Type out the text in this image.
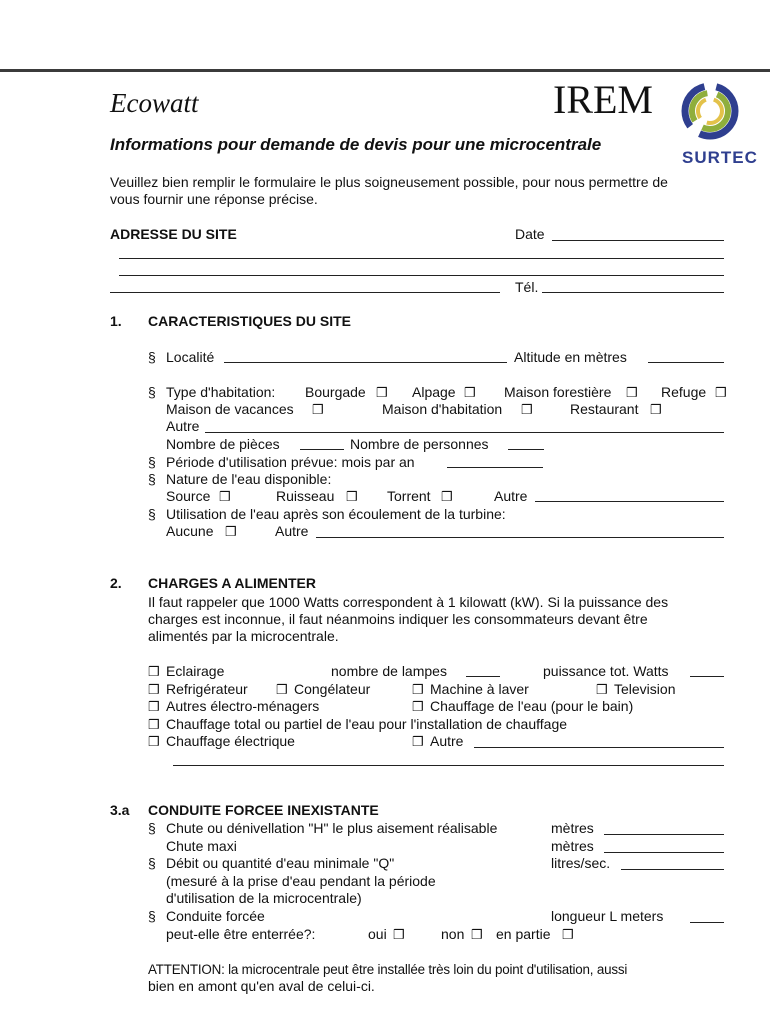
Ecowatt	IREM
SURTEC
Informations pour demande de devis pour une microcentrale
Veuillez bien remplir le formulaire le plus soigneusement possible, pour nous permettre de
vous fournir une réponse précise.
ADRESSE DU SITE	Date
Tél.
1. CARACTERISTIQUES DU SITE
§ Localité	Altitude en mètres
§ Type d'habitation: Bourgade ❒ Alpage ❒ Maison forestière ❒ Refuge ❒
Maison de vacances ❒	Maison d'habitation ❒	Restaurant ❒
Autre
Nombre de pièces	Nombre de personnes
§ Période d'utilisation prévue: mois par an
§ Nature de l'eau disponible:
Source ❒	Ruisseau ❒ Torrent ❒	Autre
§ Utilisation de l'eau après son écoulement de la turbine:
Aucune ❒	Autre
2. CHARGES A ALIMENTER
Il faut rappeler que 1000 Watts correspondent à 1 kilowatt (kW). Si la puissance des
charges est inconnue, il faut néanmoins indiquer les consommateurs devant être
alimentés par la microcentrale.
❒ Eclairage	nombre de lampes	puissance tot. Watts
❒ Refrigérateur ❒ Congélateur	❒ Machine à laver	❒ Television
❒ Autres électro-ménagers	❒ Chauffage de l'eau (pour le bain)
❒ Chauffage total ou partiel de l'eau pour l'installation de chauffage
❒ Chauffage électrique	❒ Autre
3.a CONDUITE FORCEE INEXISTANTE
§ Chute ou dénivellation "H" le plus aisement réalisable	mètres
Chute maxi	mètres
§ Débit ou quantité d'eau minimale "Q"	litres/sec.
(mesuré à la prise d'eau pendant la période
d'utilisation de la microcentrale)
§ Conduite forcée	longueur L meters
peut-elle être enterrée?:	oui ❒	non ❒ en partie ❒
ATTENTION: la microcentrale peut être installée très loin du point d'utilisation, aussi
bien en amont qu'en aval de celui-ci.
